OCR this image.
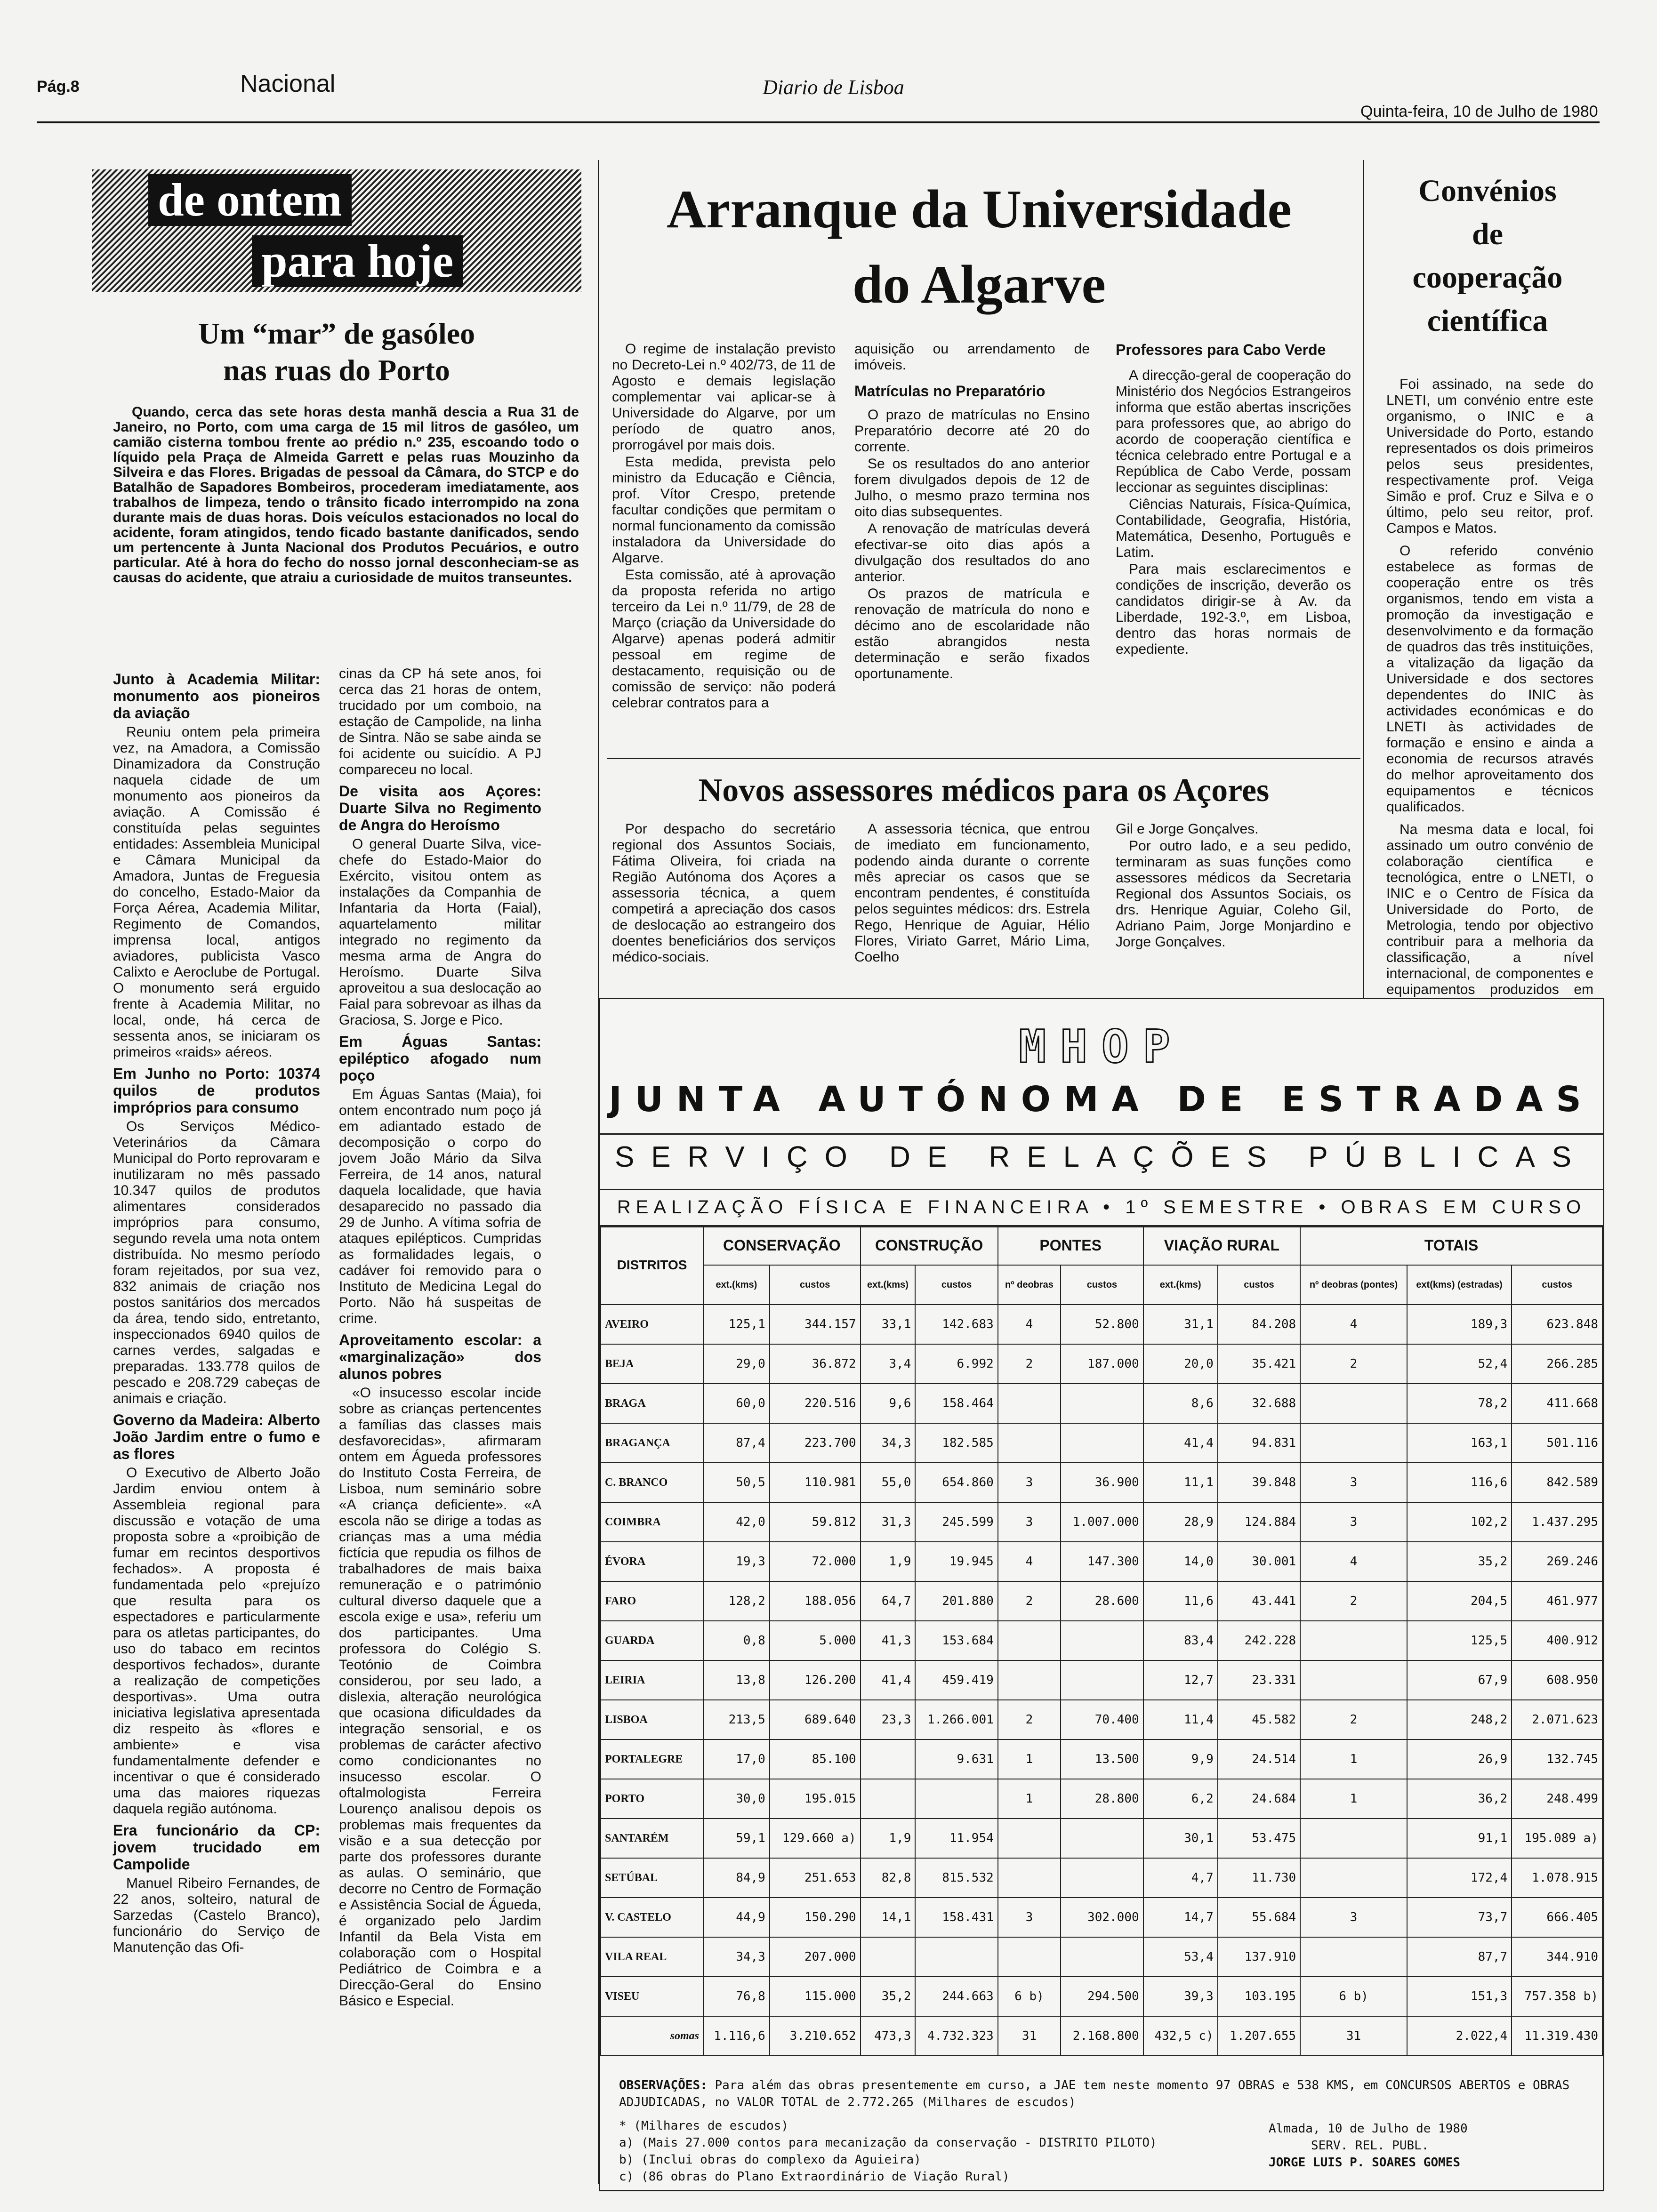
Pág.8	Nacional	Diario de Lisboa
Quinta-feira, 10 de Julho de 1980
de ontem
para hoje
Um “mar” de gasóleo
nas ruas do Porto
Quando, cerca das sete horas desta manhã descia a Rua 31 de Janeiro, no Porto, com uma carga de 15 mil litros de gasóleo, um camião cisterna tombou frente ao prédio n.º 235, escoando todo o líquido pela Praça de Almeida Garrett e pelas ruas Mouzinho da Silveira e das Flores. Brigadas de pessoal da Câmara, do STCP e do Batalhão de Sapadores Bombeiros, procederam imediatamente, aos trabalhos de limpeza, tendo o trânsito ficado interrompido na zona durante mais de duas horas. Dois veículos estacionados no local do acidente, foram atingidos, tendo ficado bastante danificados, sendo um pertencente à Junta Nacional dos Produtos Pecuários, e outro particular. Até à hora do fecho do nosso jornal desconheciam-se as causas do acidente, que atraiu a curiosidade de muitos transeuntes.
Junto à Academia Militar: monumento aos pioneiros da aviação

Reuniu ontem pela primeira vez, na Amadora, a Comissão Dinamizadora da Construção naquela cidade de um monumento aos pioneiros da aviação. A Comissão é constituída pelas seguintes entidades: Assembleia Municipal e Câmara Municipal da Amadora, Juntas de Freguesia do concelho, Estado-Maior da Força Aérea, Academia Militar, Regimento de Comandos, imprensa local, antigos aviadores, publicista Vasco Calixto e Aeroclube de Portugal. O monumento será erguido frente à Academia Militar, no local, onde, há cerca de sessenta anos, se iniciaram os primeiros «raids» aéreos.

Em Junho no Porto: 10374 quilos de produtos impróprios para consumo

Os Serviços Médico-Veterinários da Câmara Municipal do Porto reprovaram e inutilizaram no mês passado 10.347 quilos de produtos alimentares considerados impróprios para consumo, segundo revela uma nota ontem distribuída. No mesmo período foram rejeitados, por sua vez, 832 animais de criação nos postos sanitários dos mercados da área, tendo sido, entretanto, inspeccionados 6940 quilos de carnes verdes, salgadas e preparadas. 133.778 quilos de pescado e 208.729 cabeças de animais e criação.

Governo da Madeira: Alberto João Jardim entre o fumo e as flores

O Executivo de Alberto João Jardim enviou ontem à Assembleia regional para discussão e votação de uma proposta sobre a «proibição de fumar em recintos desportivos fechados». A proposta é fundamentada pelo «prejuízo que resulta para os espectadores e particularmente para os atletas participantes, do uso do tabaco em recintos desportivos fechados», durante a realização de competições desportivas». Uma outra iniciativa legislativa apresentada diz respeito às «flores e ambiente» e visa fundamentalmente defender e incentivar o que é considerado uma das maiores riquezas daquela região autónoma.

Era funcionário da CP: jovem trucidado em Campolide

Manuel Ribeiro Fernandes, de 22 anos, solteiro, natural de Sarzedas (Castelo Branco), funcionário do Serviço de Manutenção das Ofi-

cinas da CP há sete anos, foi cerca das 21 horas de ontem, trucidado por um comboio, na estação de Campolide, na linha de Sintra. Não se sabe ainda se foi acidente ou suicídio. A PJ compareceu no local.

De visita aos Açores: Duarte Silva no Regimento de Angra do Heroísmo

O general Duarte Silva, vice-chefe do Estado-Maior do Exército, visitou ontem as instalações da Companhia de Infantaria da Horta (Faial), aquartelamento militar integrado no regimento da mesma arma de Angra do Heroísmo. Duarte Silva aproveitou a sua deslocação ao Faial para sobrevoar as ilhas da Graciosa, S. Jorge e Pico.

Em Águas Santas: epiléptico afogado num poço

Em Águas Santas (Maia), foi ontem encontrado num poço já em adiantado estado de decomposição o corpo do jovem João Mário da Silva Ferreira, de 14 anos, natural daquela localidade, que havia desaparecido no passado dia 29 de Junho. A vítima sofria de ataques epilépticos. Cumpridas as formalidades legais, o cadáver foi removido para o Instituto de Medicina Legal do Porto. Não há suspeitas de crime.

Aproveitamento escolar: a «marginalização» dos alunos pobres

«O insucesso escolar incide sobre as crianças pertencentes a famílias das classes mais desfavorecidas», afirmaram ontem em Águeda professores do Instituto Costa Ferreira, de Lisboa, num seminário sobre «A criança deficiente». «A escola não se dirige a todas as crianças mas a uma média fictícia que repudia os filhos de trabalhadores de mais baixa remuneração e o património cultural diverso daquele que a escola exige e usa», referiu um dos participantes. Uma professora do Colégio S. Teotónio de Coimbra considerou, por seu lado, a dislexia, alteração neurológica que ocasiona dificuldades da integração sensorial, e os problemas de carácter afectivo como condicionantes no insucesso escolar. O oftalmologista Ferreira Lourenço analisou depois os problemas mais frequentes da visão e a sua detecção por parte dos professores durante as aulas. O seminário, que decorre no Centro de Formação e Assistência Social de Águeda, é organizado pelo Jardim Infantil da Bela Vista em colaboração com o Hospital Pediátrico de Coimbra e a Direcção-Geral do Ensino Básico e Especial.

Arranque da Universidade
do Algarve

O regime de instalação previsto no Decreto-Lei n.º 402/73, de 11 de Agosto e demais legislação complementar vai aplicar-se à Universidade do Algarve, por um período de quatro anos, prorrogável por mais dois.

Esta medida, prevista pelo ministro da Educação e Ciência, prof. Vítor Crespo, pretende facultar condições que permitam o normal funcionamento da comissão instaladora da Universidade do Algarve.

Esta comissão, até à aprovação da proposta referida no artigo terceiro da Lei n.º 11/79, de 28 de Março (criação da Universidade do Algarve) apenas poderá admitir pessoal em regime de destacamento, requisição ou de comissão de serviço: não poderá celebrar contratos para a

aquisição ou arrendamento de imóveis.

Matrículas no Preparatório

O prazo de matrículas no Ensino Preparatório decorre até 20 do corrente.

Se os resultados do ano anterior forem divulgados depois de 12 de Julho, o mesmo prazo termina nos oito dias subsequentes.

A renovação de matrículas deverá efectivar-se oito dias após a divulgação dos resultados do ano anterior.

Os prazos de matrícula e renovação de matrícula do nono e décimo ano de escolaridade não estão abrangidos nesta determinação e serão fixados oportunamente.

Professores para Cabo Verde

A direcção-geral de cooperação do Ministério dos Negócios Estrangeiros informa que estão abertas inscrições para professores que, ao abrigo do acordo de cooperação científica e técnica celebrado entre Portugal e a República de Cabo Verde, possam leccionar as seguintes disciplinas:

Ciências Naturais, Física-Química, Contabilidade, Geografia, História, Matemática, Desenho, Português e Latim.

Para mais esclarecimentos e condições de inscrição, deverão os candidatos dirigir-se à Av. da Liberdade, 192-3.º, em Lisboa, dentro das horas normais de expediente.

Convénios
de
cooperação
científica

Foi assinado, na sede do LNETI, um convénio entre este organismo, o INIC e a Universidade do Porto, estando representados os dois primeiros pelos seus presidentes, respectivamente prof. Veiga Simão e prof. Cruz e Silva e o último, pelo seu reitor, prof. Campos e Matos.

O referido convénio estabelece as formas de cooperação entre os três organismos, tendo em vista a promoção da investigação e desenvolvimento e da formação de quadros das três instituições, a vitalização da ligação da Universidade e dos sectores dependentes do INIC às actividades económicas e do LNETI às actividades de formação e ensino e ainda a economia de recursos através do melhor aproveitamento dos equipamentos e técnicos qualificados.

Na mesma data e local, foi assinado um outro convénio de colaboração científica e tecnológica, entre o LNETI, o INIC e o Centro de Física da Universidade do Porto, de Metrologia, tendo por objectivo contribuir para a melhoria da classificação, a nível internacional, de componentes e equipamentos produzidos em

Novos assessores médicos para os Açores

Por despacho do secretário regional dos Assuntos Sociais, Fátima Oliveira, foi criada na Região Autónoma dos Açores a assessoria técnica, a quem competirá a apreciação dos casos de deslocação ao estrangeiro dos doentes beneficiários dos serviços médico-sociais.

A assessoria técnica, que entrou de imediato em funcionamento, podendo ainda durante o corrente mês apreciar os casos que se encontram pendentes, é constituída pelos seguintes médicos: drs. Estrela Rego, Henrique de Aguiar, Hélio Flores, Viriato Garret, Mário Lima, Coelho

Gil e Jorge Gonçalves.

Por outro lado, e a seu pedido, terminaram as suas funções como assessores médicos da Secretaria Regional dos Assuntos Sociais, os drs. Henrique Aguiar, Coleho Gil, Adriano Paim, Jorge Monjardino e Jorge Gonçalves.

MHOP
JUNTA AUTÓNOMA DE ESTRADAS
SERVIÇO DE RELAÇÕES PÚBLICAS
REALIZAÇÃO FÍSICA E FINANCEIRA • 1º SEMESTRE • OBRAS EM CURSO
DISTRITOS	CONSERVAÇÃO		CONSTRUÇÃO		PONTES		VIAÇÃO RURAL		TOTAIS		
	ext.(kms)	custos	ext.(kms)	custos	nº deobras	custos	ext.(kms)	custos	nº deobras (pontes)	ext(kms) (estradas)	custos
AVEIRO	125,1	344.157	33,1	142.683	4	52.800	31,1	84.208	4	189,3	623.848
BEJA	29,0	36.872	3,4	6.992	2	187.000	20,0	35.421	2	52,4	266.285
BRAGA	60,0	220.516	9,6	158.464			8,6	32.688		78,2	411.668
BRAGANÇA	87,4	223.700	34,3	182.585			41,4	94.831		163,1	501.116
C. BRANCO	50,5	110.981	55,0	654.860	3	36.900	11,1	39.848	3	116,6	842.589
COIMBRA	42,0	59.812	31,3	245.599	3	1.007.000	28,9	124.884	3	102,2	1.437.295
ÉVORA	19,3	72.000	1,9	19.945	4	147.300	14,0	30.001	4	35,2	269.246
FARO	128,2	188.056	64,7	201.880	2	28.600	11,6	43.441	2	204,5	461.977
GUARDA	0,8	5.000	41,3	153.684			83,4	242.228		125,5	400.912
LEIRIA	13,8	126.200	41,4	459.419			12,7	23.331		67,9	608.950
LISBOA	213,5	689.640	23,3	1.266.001	2	70.400	11,4	45.582	2	248,2	2.071.623
PORTALEGRE	17,0	85.100		9.631	1	13.500	9,9	24.514	1	26,9	132.745
PORTO	30,0	195.015			1	28.800	6,2	24.684	1	36,2	248.499
SANTARÉM	59,1	129.660 a)	1,9	11.954			30,1	53.475		91,1	195.089 a)
SETÚBAL	84,9	251.653	82,8	815.532			4,7	11.730		172,4	1.078.915
V. CASTELO	44,9	150.290	14,1	158.431	3	302.000	14,7	55.684	3	73,7	666.405
VILA REAL	34,3	207.000					53,4	137.910		87,7	344.910
VISEU	76,8	115.000	35,2	244.663	6 b)	294.500	39,3	103.195	6 b)	151,3	757.358 b)
somas	1.116,6	3.210.652	473,3	4.732.323	31	2.168.800	432,5 c)	1.207.655	31	2.022,4	11.319.430
OBSERVAÇÕES: Para além das obras presentemente em curso, a JAE tem neste momento 97 OBRAS e 538 KMS, em CONCURSOS ABERTOS e OBRAS ADJUDICADAS, no VALOR TOTAL de 2.772.265 (Milhares de escudos)
* (Milhares de escudos)
a) (Mais 27.000 contos para mecanização da conservação - DISTRITO PILOTO)
b) (Inclui obras do complexo da Aguieira)
c) (86 obras do Plano Extraordinário de Viação Rural)
Almada, 10 de Julho de 1980
SERV. REL. PUBL.
JORGE LUIS P. SOARES GOMES
